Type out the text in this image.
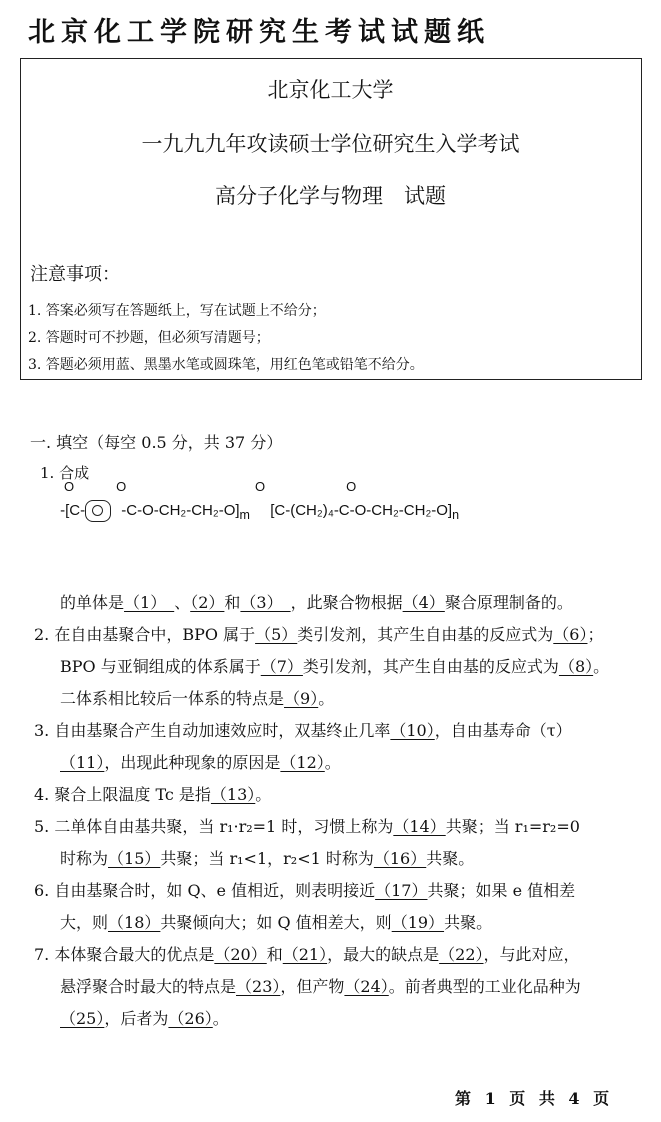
北京化工学院研究生考试试题纸
北京化工大学
一九九九年攻读硕士学位研究生入学考试
高分子化学与物理　试题
注意事项：
1. 答案必须写在答题纸上，写在试题上不给分；
2. 答题时可不抄题，但必须写清题号；
3. 答题必须用蓝、黑墨水笔或圆珠笔，用红色笔或铅笔不给分。
一. 填空（每空 0.5 分，共 37 分）
1. 合成
$O-[C-O-C-O-CH_2-CH_2-O]_mO$	$O[C-(CH_2)_4-C-O-CH_2-CH_2-O]_n$
的单体是（1）　、（2）和（3）　，此聚合物根据（4）聚合原理制备的。
2. 在自由基聚合中，BPO 属于（5）类引发剂，其产生自由基的反应式为（6）；
BPO 与亚铜组成的体系属于（7）类引发剂，其产生自由基的反应式为（8）。
二体系相比较后一体系的特点是（9）。
3. 自由基聚合产生自动加速效应时，双基终止几率（10），自由基寿命（τ）
（11），出现此种现象的原因是（12）。
4. 聚合上限温度 Tc 是指（13）。
5. 二单体自由基共聚，当 r₁·r₂=1 时，习惯上称为（14）共聚；当 r₁=r₂=0
时称为（15）共聚；当 r₁<1，r₂<1 时称为（16）共聚。
6. 自由基聚合时，如 Q、e 值相近，则表明接近（17）共聚；如果 e 值相差
大，则（18）共聚倾向大；如 Q 值相差大，则（19）共聚。
7. 本体聚合最大的优点是（20）和（21），最大的缺点是（22），与此对应，
悬浮聚合时最大的特点是（23），但产物（24）。前者典型的工业化品种为
（25），后者为（26）。
第 1 页 共 4 页
